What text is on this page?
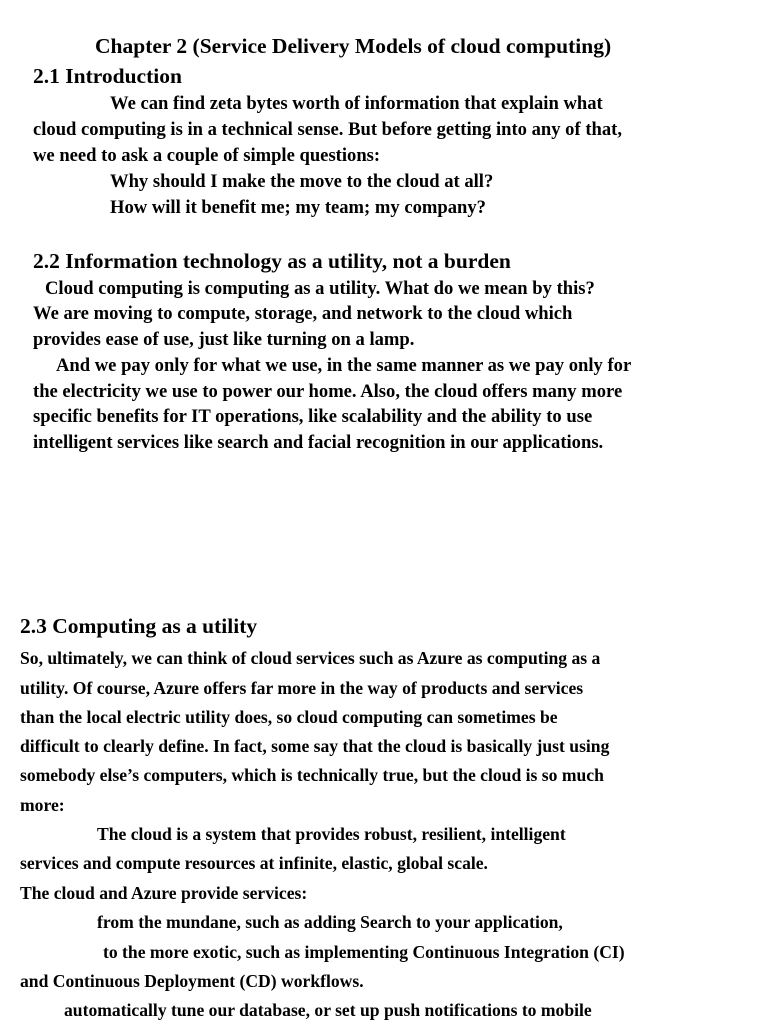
Chapter 2 (Service Delivery Models of cloud computing)
2.1 Introduction
We can find zeta bytes worth of information that explain what
cloud computing is in a technical sense. But before getting into any of that,
we need to ask a couple of simple questions:
Why should I make the move to the cloud at all?
How will it benefit me; my team; my company?
2.2 Information technology as a utility, not a burden
Cloud computing is computing as a utility. What do we mean by this?
We are moving to compute, storage, and network to the cloud which
provides ease of use, just like turning on a lamp.
And we pay only for what we use, in the same manner as we pay only for
the electricity we use to power our home. Also, the cloud offers many more
specific benefits for IT operations, like scalability and the ability to use
intelligent services like search and facial recognition in our applications.
2.3 Computing as a utility
So, ultimately, we can think of cloud services such as Azure as computing as a
utility. Of course, Azure offers far more in the way of products and services
than the local electric utility does, so cloud computing can sometimes be
difficult to clearly define. In fact, some say that the cloud is basically just using
somebody else’s computers, which is technically true, but the cloud is so much
more:
The cloud is a system that provides robust, resilient, intelligent
services and compute resources at infinite, elastic, global scale.
The cloud and Azure provide services:
from the mundane, such as adding Search to your application,
to the more exotic, such as implementing Continuous Integration (CI)
and Continuous Deployment (CD) workflows.
automatically tune our database, or set up push notifications to mobile
